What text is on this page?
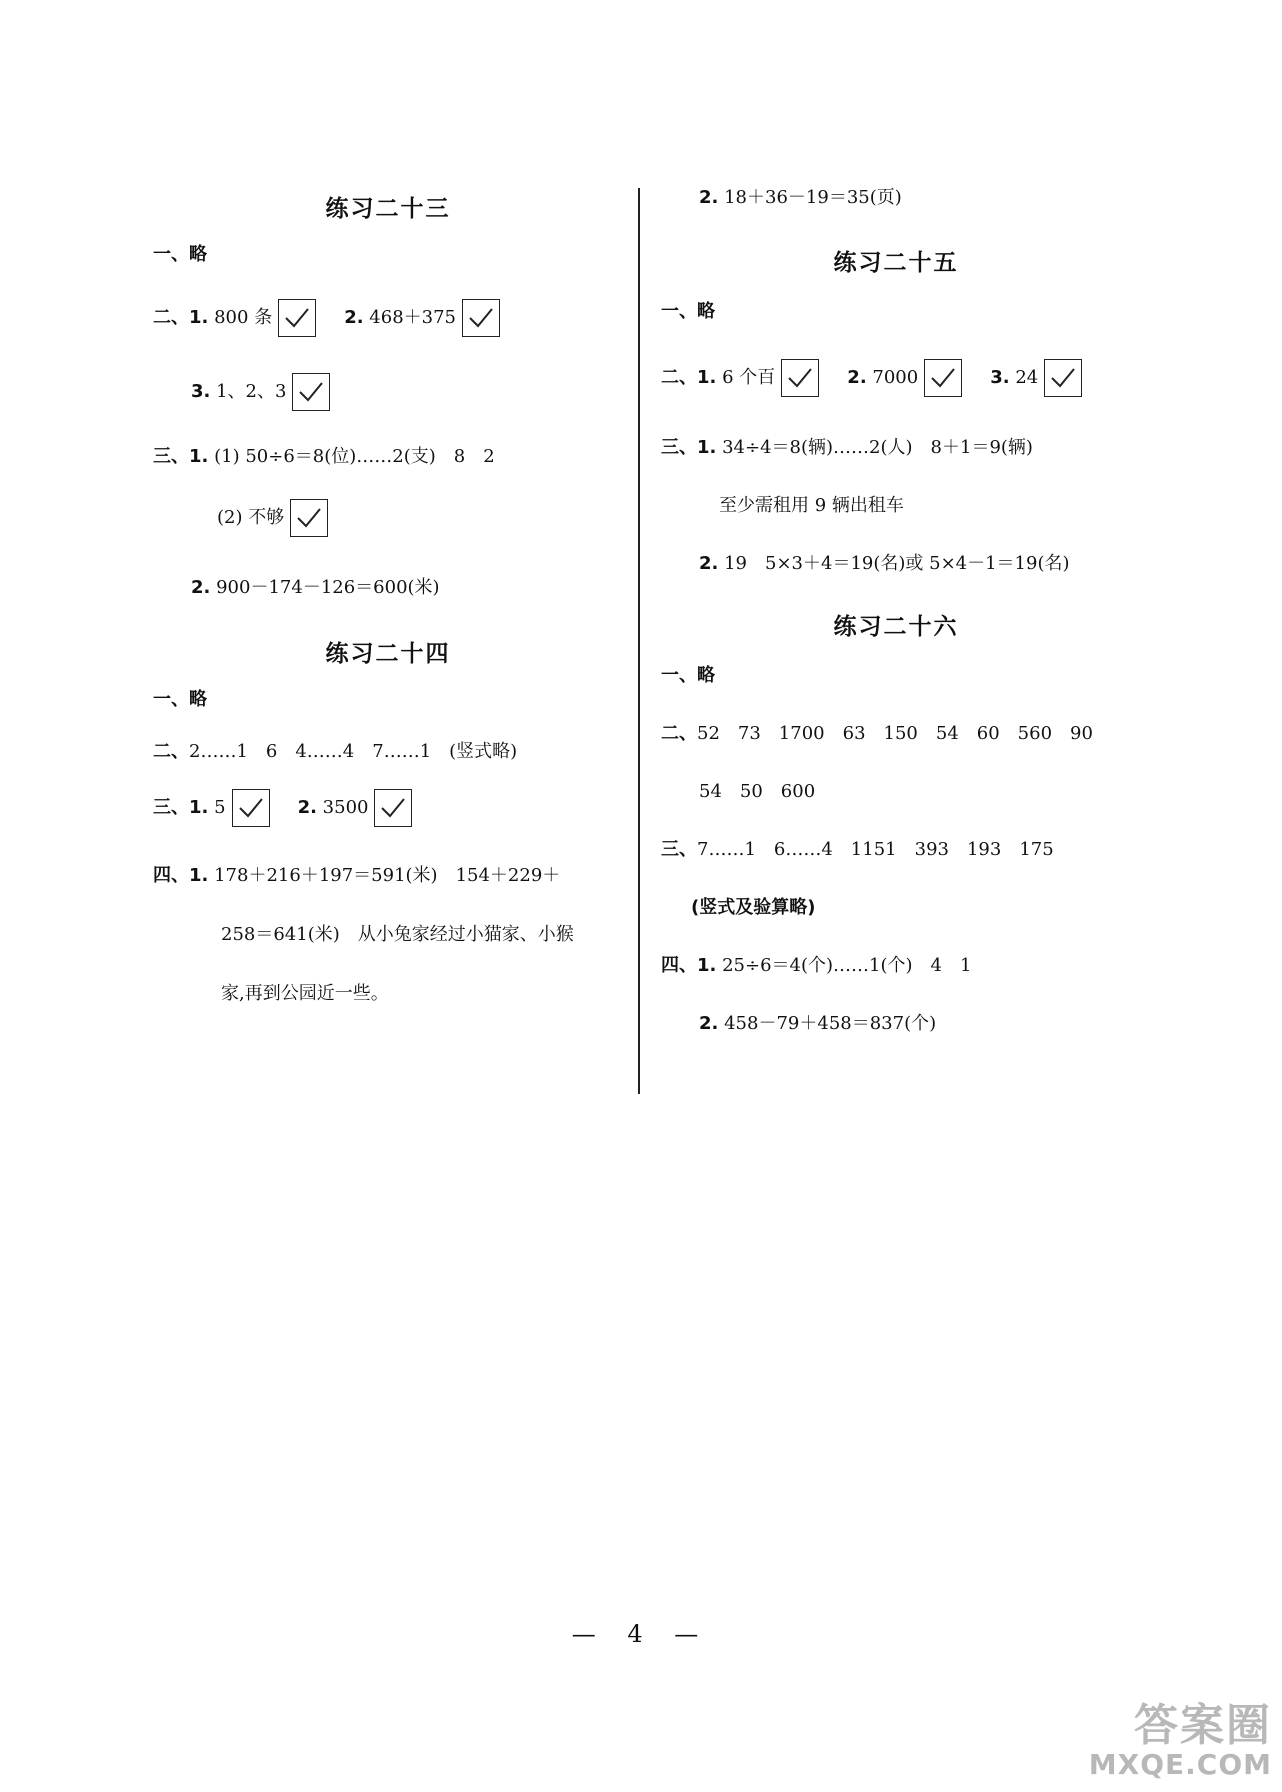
练习二十三
一、 略
二、 1.
800 条	2.
468＋375
3.
1、2、3
三、 1.
(1) 50÷6＝8(位)……2(支)　8　2
(2) 不够
2.
900－174－126＝600(米)
练习二十四
一、 略
二、 2……1　6　4……4　7……1　(竖式略)
三、 1.
5	2.
3500
四、 1.
178＋216＋197＝591(米)　154＋229＋
258＝641(米)　从小兔家经过小猫家、小猴
家,再到公园近一些。
2.
18＋36－19＝35(页)
练习二十五
一、 略
二、 1.
6 个百	2.
7000	3.
24
三、 1.
34÷4＝8(辆)……2(人)　8＋1＝9(辆)
至少需租用 9 辆出租车
2.
19　5×3＋4＝19(名)或 5×4－1＝19(名)
练习二十六
一、 略
二、 52　73　1700　63　150　54　60　560　90
54　50　600
三、 7……1　6……4　1151　393　193　175
(竖式及验算略)
四、 1.
25÷6＝4(个)……1(个)　4　1
2.
458－79＋458＝837(个)
— 4 —
答案圈
MXQE.COM
